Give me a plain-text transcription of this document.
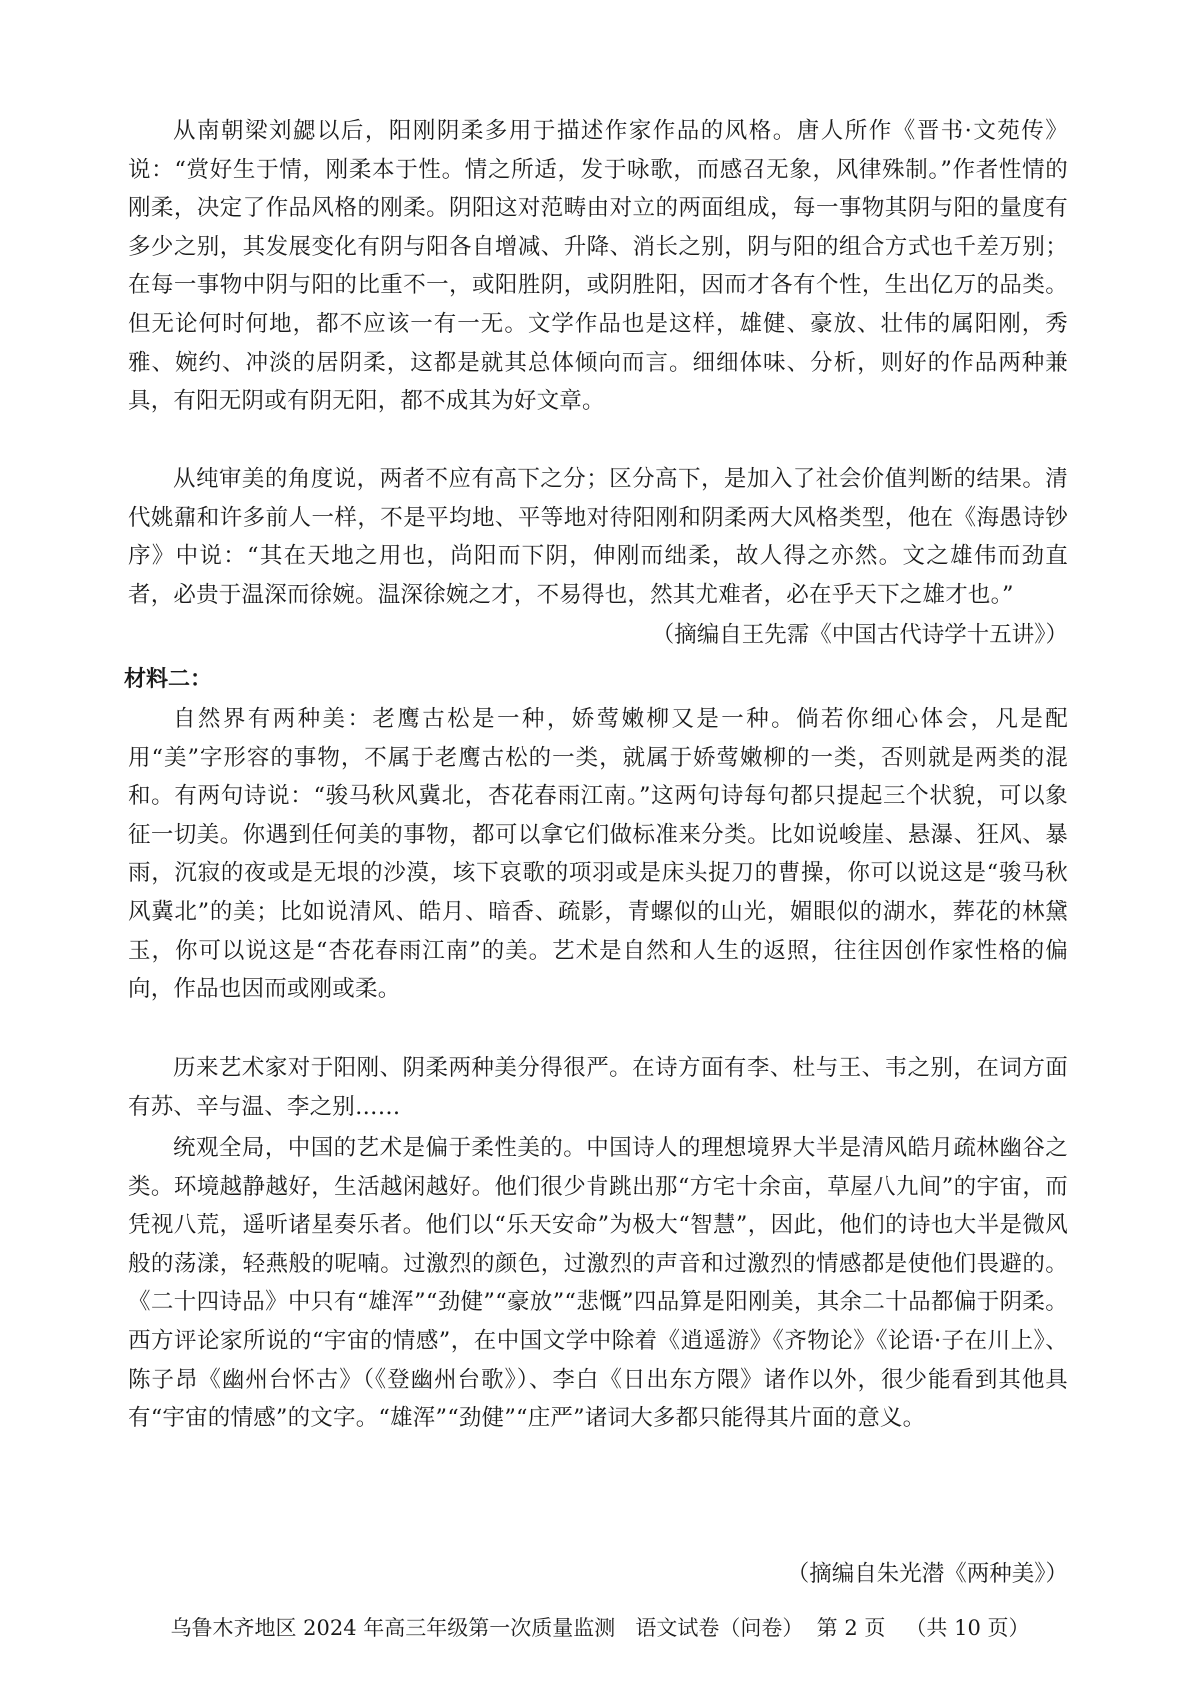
从南朝梁刘勰以后，阳刚阴柔多用于描述作家作品的风格。唐人所作《晋书·文苑传》说：“赏好生于情，刚柔本于性。情之所适，发于咏歌，而感召无象，风律殊制。”作者性情的刚柔，决定了作品风格的刚柔。阴阳这对范畴由对立的两面组成，每一事物其阴与阳的量度有多少之别，其发展变化有阴与阳各自增减、升降、消长之别，阴与阳的组合方式也千差万别；在每一事物中阴与阳的比重不一，或阳胜阴，或阴胜阳，因而才各有个性，生出亿万的品类。但无论何时何地，都不应该一有一无。文学作品也是这样，雄健、豪放、壮伟的属阳刚，秀雅、婉约、冲淡的居阴柔，这都是就其总体倾向而言。细细体味、分析，则好的作品两种兼具，有阳无阴或有阴无阳，都不成其为好文章。

从纯审美的角度说，两者不应有高下之分；区分高下，是加入了社会价值判断的结果。清代姚鼐和许多前人一样，不是平均地、平等地对待阳刚和阴柔两大风格类型，他在《海愚诗钞序》中说：“其在天地之用也，尚阳而下阴，伸刚而绌柔，故人得之亦然。文之雄伟而劲直者，必贵于温深而徐婉。温深徐婉之才，不易得也，然其尤难者，必在乎天下之雄才也。”

（摘编自王先霈《中国古代诗学十五讲》）

材料二：

自然界有两种美：老鹰古松是一种，娇莺嫩柳又是一种。倘若你细心体会，凡是配用“美”字形容的事物，不属于老鹰古松的一类，就属于娇莺嫩柳的一类，否则就是两类的混和。有两句诗说：“骏马秋风冀北，杏花春雨江南。”这两句诗每句都只提起三个状貌，可以象征一切美。你遇到任何美的事物，都可以拿它们做标准来分类。比如说峻崖、悬瀑、狂风、暴雨，沉寂的夜或是无垠的沙漠，垓下哀歌的项羽或是床头捉刀的曹操，你可以说这是“骏马秋风冀北”的美；比如说清风、皓月、暗香、疏影，青螺似的山光，媚眼似的湖水，葬花的林黛玉，你可以说这是“杏花春雨江南”的美。艺术是自然和人生的返照，往往因创作家性格的偏向，作品也因而或刚或柔。

历来艺术家对于阳刚、阴柔两种美分得很严。在诗方面有李、杜与王、韦之别，在词方面有苏、辛与温、李之别……

统观全局，中国的艺术是偏于柔性美的。中国诗人的理想境界大半是清风皓月疏林幽谷之类。环境越静越好，生活越闲越好。他们很少肯跳出那“方宅十余亩，草屋八九间”的宇宙，而凭视八荒，遥听诸星奏乐者。他们以“乐天安命”为极大“智慧”，因此，他们的诗也大半是微风般的荡漾，轻燕般的呢喃。过激烈的颜色，过激烈的声音和过激烈的情感都是使他们畏避的。《二十四诗品》中只有“雄浑”“劲健”“豪放”“悲慨”四品算是阳刚美，其余二十品都偏于阴柔。西方评论家所说的“宇宙的情感”，在中国文学中除着《逍遥游》《齐物论》《论语·子在川上》、陈子昂《幽州台怀古》（《登幽州台歌》）、李白《日出东方隈》诸作以外，很少能看到其他具有“宇宙的情感”的文字。“雄浑”“劲健”“庄严”诸词大多都只能得其片面的意义。

（摘编自朱光潜《两种美》）

乌鲁木齐地区 2024 年高三年级第一次质量监测   语文试卷（问卷）  第 2 页   （共 10 页）
